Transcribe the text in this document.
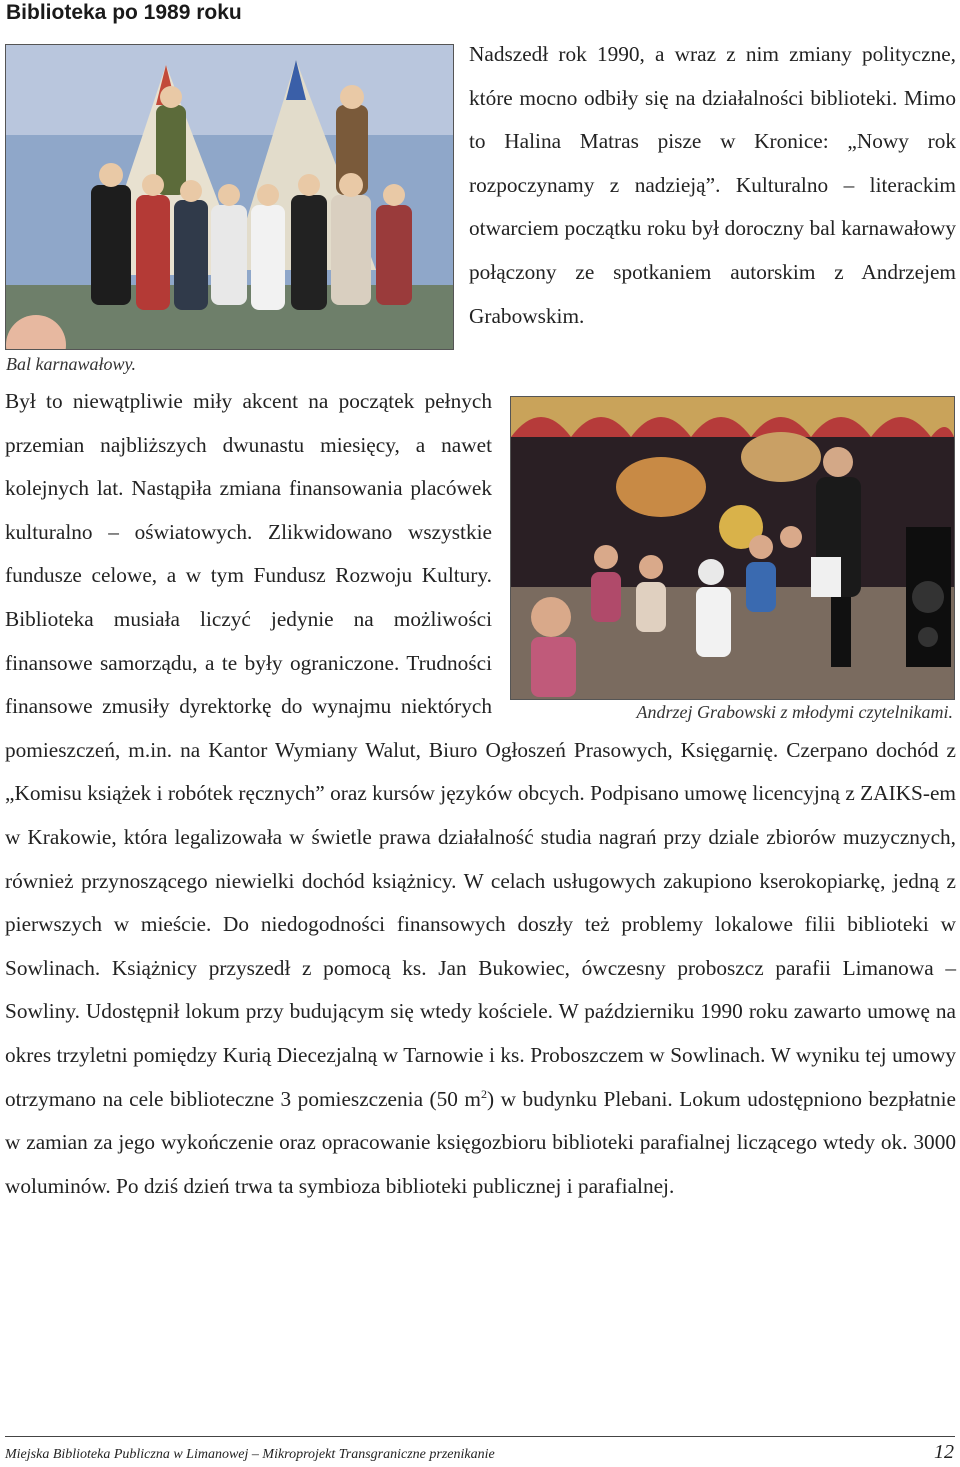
Biblioteka po 1989 roku
Bal karnawałowy.

Nadszedł rok 1990, a wraz z nim zmiany polityczne, które mocno odbiły się na działalności biblioteki. Mimo to Halina Matras pisze w Kronice: „Nowy rok rozpoczynamy z nadzieją”. Kulturalno – literackim otwarciem początku roku był doroczny bal karnawałowy połączony ze spotkaniem autorskim z Andrzejem Grabowskim.

Andrzej Grabowski z młodymi czytelnikami.
Był to niewątpliwie miły akcent na początek pełnych przemian najbliższych dwunastu miesięcy, a nawet kolejnych lat. Nastąpiła zmiana finansowania placówek kulturalno – oświatowych. Zlikwidowano wszystkie fundusze celowe, a w tym Fundusz Rozwoju Kultury. Biblioteka musiała liczyć jedynie na możliwości finansowe samorządu, a te były ograniczone. Trudności finansowe zmusiły dyrektorkę do wynajmu niektórych pomieszczeń, m.in. na Kantor Wymiany Walut, Biuro Ogłoszeń Prasowych, Księgarnię. Czerpano dochód z „Komisu książek i robótek ręcznych” oraz kursów języków obcych. Podpisano umowę licencyjną z ZAIKS-em w Krakowie, która legalizowała w świetle prawa działalność studia nagrań przy dziale zbiorów muzycznych, również przynoszącego niewielki dochód książnicy. W celach usługowych zakupiono kserokopiarkę, jedną z pierwszych w mieście. Do niedogodności finansowych doszły też problemy lokalowe filii biblioteki w Sowlinach. Książnicy przyszedł z pomocą ks. Jan Bukowiec, ówczesny proboszcz parafii Limanowa – Sowliny. Udostępnił lokum przy budującym się wtedy kościele. W październiku 1990 roku zawarto umowę na okres trzyletni pomiędzy Kurią Diecezjalną w Tarnowie i ks. Proboszczem w Sowlinach. W wyniku tej umowy otrzymano na cele biblioteczne 3 pomieszczenia (50 $m^2$) w budynku Plebani. Lokum udostępniono bezpłatnie w zamian za jego wykończenie oraz opracowanie księgozbioru biblioteki parafialnej liczącego wtedy ok. 3000 woluminów. Po dziś dzień trwa ta symbioza biblioteki publicznej i parafialnej.
Miejska Biblioteka Publiczna w Limanowej – Mikroprojekt Transgraniczne przenikanie	12
